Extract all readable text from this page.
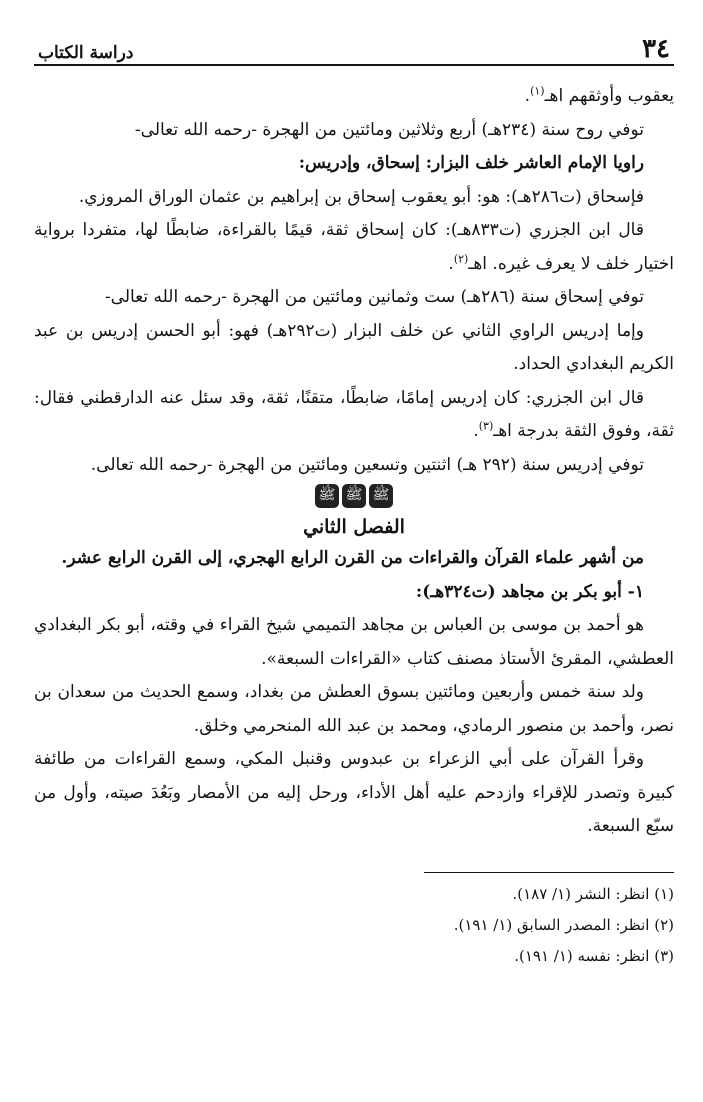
٣٤
دراسة الكتاب

يعقوب وأوثقهم اهـ$^{(١)}$.

توفي روح سنة (٢٣٤هـ) أربع وثلاثين ومائتين من الهجرة -رحمه الله تعالى-

راويا الإمام العاشر خلف البزار: إسحاق، وإدريس:

فإسحاق (ت٢٨٦هـ): هو: أبو يعقوب إسحاق بن إبراهيم بن عثمان الوراق المروزي.

قال ابن الجزري (ت٨٣٣هـ): كان إسحاق ثقة، قيمًا بالقراءة، ضابطًا لها، متفردا برواية اختيار خلف لا يعرف غيره. اهـ$^{(٢)}$.

توفي إسحاق سنة (٢٨٦هـ) ست وثمانين ومائتين من الهجرة -رحمه الله تعالى-

وإما إدريس الراوي الثاني عن خلف البزار (ت٢٩٢هـ) فهو: أبو الحسن إدريس بن عبد الكريم البغدادي الحداد.

قال ابن الجزري: كان إدريس إمامًا، ضابطًا، متقنًا، ثقة، وقد سئل عنه الدارقطني فقال: ثقة، وفوق الثقة بدرجة اهـ$^{(٣)}$.

توفي إدريس سنة (٢٩٢ هـ) اثنتين وتسعين ومائتين من الهجرة -رحمه الله تعالى.

ﷺ
ﷺ
ﷺ

الفصل الثاني

من أشهر علماء القرآن والقراءات من القرن الرابع الهجري، إلى القرن الرابع عشر.

١- أبو بكر بن مجاهد (ت٣٢٤هـ):

هو أحمد بن موسى بن العباس بن مجاهد التميمي شيخ القراء في وقته، أبو بكر البغدادي العطشي، المقرئ الأستاذ مصنف كتاب «القراءات السبعة».

ولد سنة خمس وأربعين ومائتين بسوق العطش من بغداد، وسمع الحديث من سعدان بن نصر، وأحمد بن منصور الرمادي، ومحمد بن عبد الله المنحرمي وخلق.

وقرأ القرآن على أبي الزعراء بن عبدوس وقنبل المكي، وسمع القراءات من طائفة كبيرة وتصدر للإقراء وازدحم عليه أهل الأداء، ورحل إليه من الأمصار وبَعُدَ صيته، وأول من سبّع السبعة.

(١) انظر: النشر (١/ ١٨٧).

(٢) انظر: المصدر السابق (١/ ١٩١).

(٣) انظر: نفسه (١/ ١٩١).
